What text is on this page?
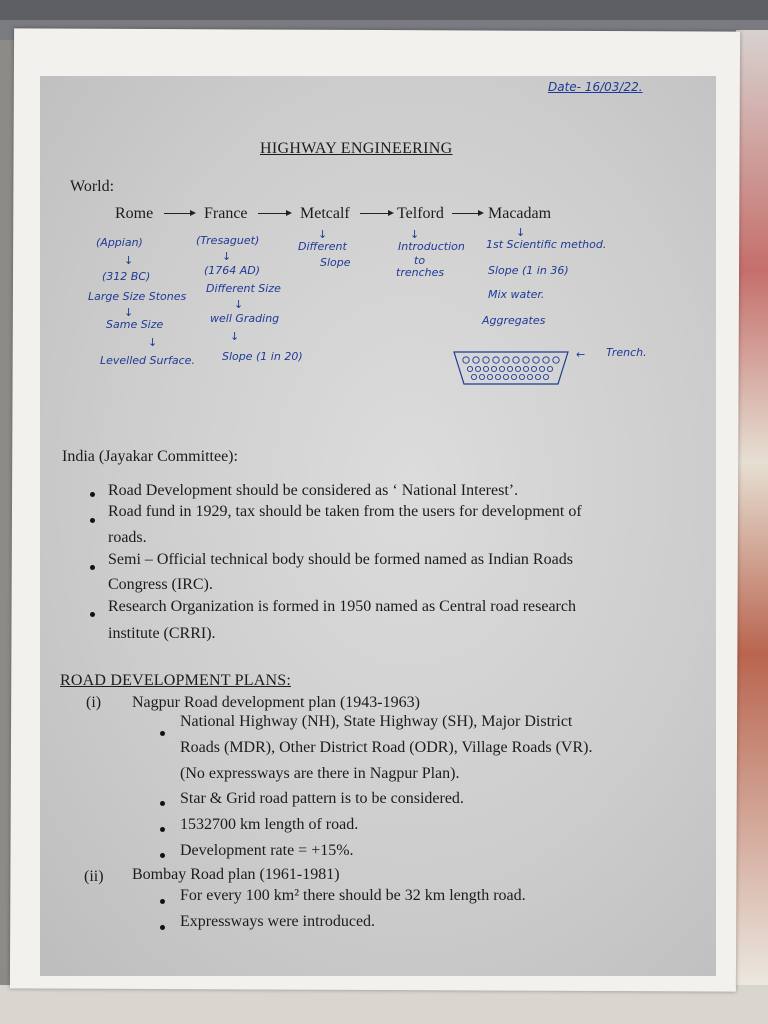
Date- 16/03/22.
HIGHWAY ENGINEERING
World:
Rome	France	Metcalf	Telford	Macadam
(Appian)
↓
(312 BC)
Large Size Stones
↓
Same Size
↓
Levelled Surface.
(Tresaguet)
↓
(1764 AD)
Different Size
↓
well Grading
↓
Slope (1 in 20)
↓
Different
Slope
↓
Introduction
to
trenches
↓
1st Scientific method.
Slope (1 in 36)
Mix water.
Aggregates
← Trench.
India (Jayakar Committee):
Road Development should be considered as ‘ National Interest’.
Road fund in 1929, tax should be taken from the users for development of
roads.
Semi – Official technical body should be formed named as Indian Roads
Congress (IRC).
Research Organization is formed in 1950 named as Central road research
institute (CRRI).
ROAD DEVELOPMENT PLANS:
(i) Nagpur Road development plan (1943-1963)
National Highway (NH), State Highway (SH), Major District
Roads (MDR), Other District Road (ODR), Village Roads (VR).
(No expressways are there in Nagpur Plan).
Star & Grid road pattern is to be considered.
1532700 km length of road.
Development rate = +15%.
(ii) Bombay Road plan (1961-1981)
For every 100 km² there should be 32 km length road.
Expressways were introduced.
